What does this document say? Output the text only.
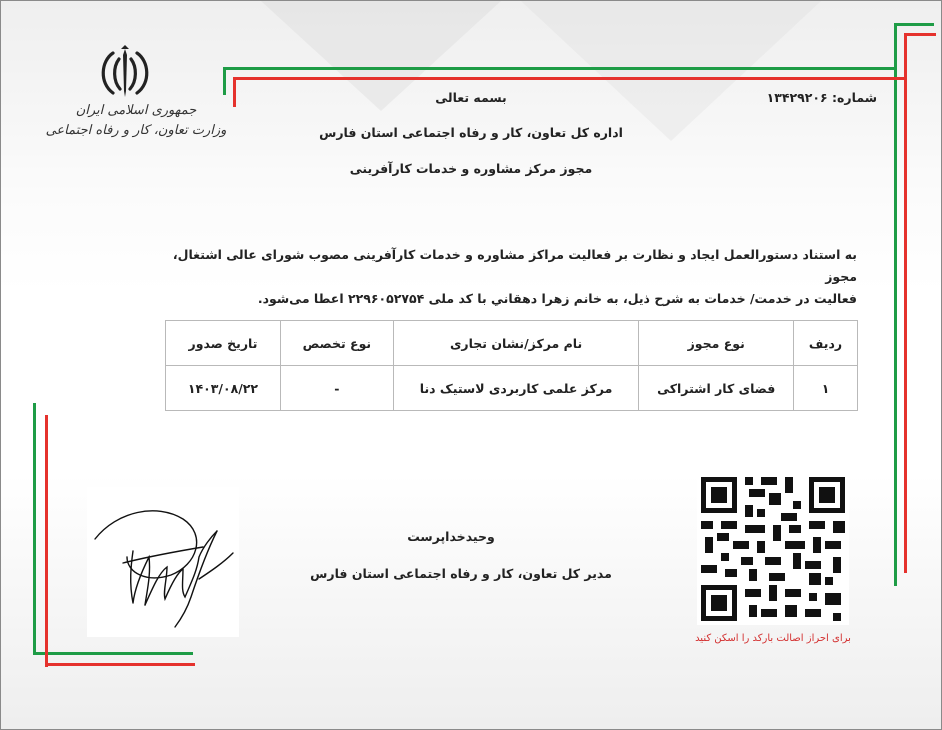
جمهوری اسلامی ایران
وزارت تعاون، کار و رفاه اجتماعی
شماره: ۱۳۴۲۹۲۰۶
بسمه تعالی
اداره کل تعاون، کار و رفاه اجتماعی استان فارس
مجوز مرکز مشاوره و خدمات کارآفرینی
به استناد دستورالعمل ایجاد و نظارت بر فعالیت مراکز مشاوره و خدمات کارآفرینی مصوب شورای عالی اشتغال، مجوز
فعالیت در خدمت/ خدمات به شرح ذیل، به خانم زهرا دهقاني با کد ملی ۲۲۹۶۰۵۲۷۵۴ اعطا می‌شود.
ردیف	نوع مجوز	نام مرکز/نشان تجاری	نوع تخصص	تاریخ صدور
۱	فضای کار اشتراکی	مرکز علمی کاربردی لاستیک دنا	-	۱۴۰۳/۰۸/۲۲
وحیدخداپرست
مدیر کل تعاون، کار و رفاه اجتماعی استان فارس
برای احراز اصالت بارکد را اسکن کنید
